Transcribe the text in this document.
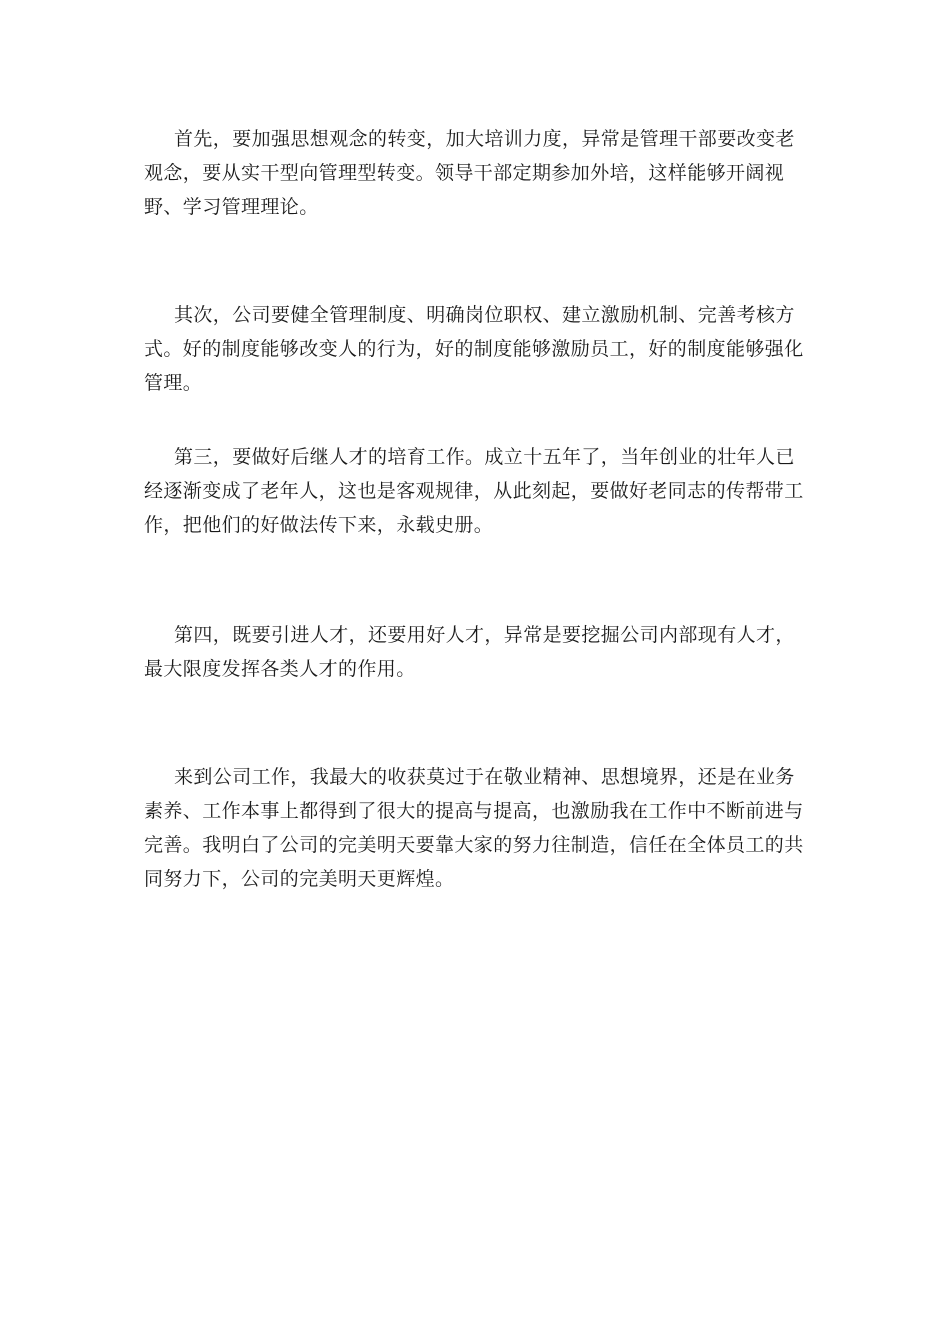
首先，要加强思想观念的转变，加大培训力度，异常是管理干部要改变老观念，要从实干型向管理型转变。领导干部定期参加外培，这样能够开阔视野、学习管理理论。

其次，公司要健全管理制度、明确岗位职权、建立激励机制、完善考核方式。好的制度能够改变人的行为，好的制度能够激励员工，好的制度能够强化管理。

第三，要做好后继人才的培育工作。成立十五年了，当年创业的壮年人已经逐渐变成了老年人，这也是客观规律，从此刻起，要做好老同志的传帮带工作，把他们的好做法传下来，永载史册。

第四，既要引进人才，还要用好人才，异常是要挖掘公司内部现有人才，最大限度发挥各类人才的作用。

来到公司工作，我最大的收获莫过于在敬业精神、思想境界，还是在业务素养、工作本事上都得到了很大的提高与提高，也激励我在工作中不断前进与完善。我明白了公司的完美明天要靠大家的努力往制造，信任在全体员工的共同努力下，公司的完美明天更辉煌。
